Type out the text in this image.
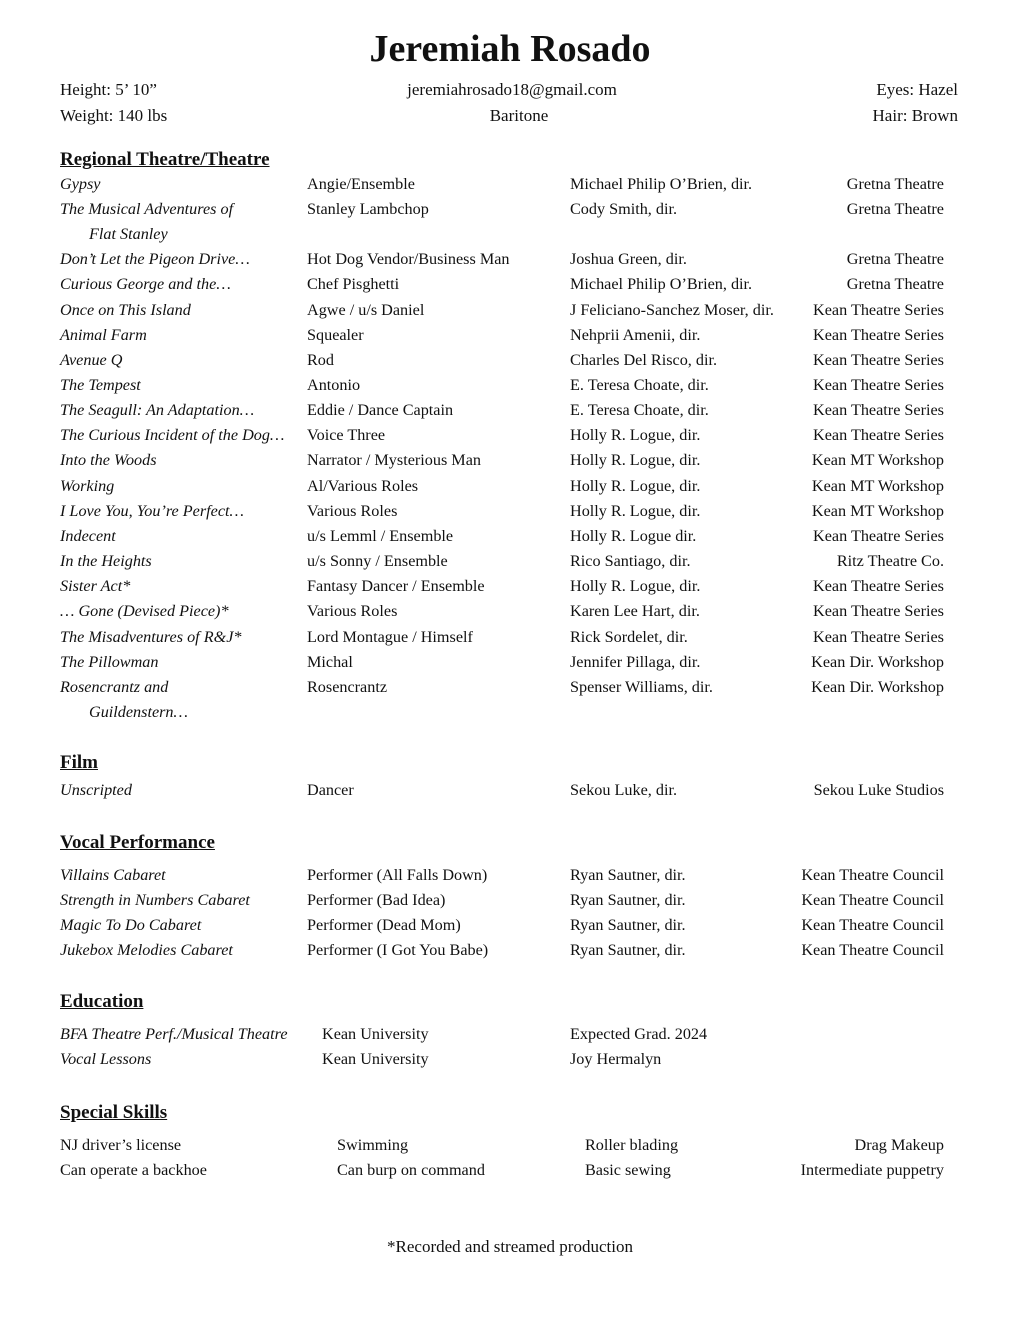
Jeremiah Rosado
Height: 5’ 10”
Weight: 140 lbs
jeremiahrosado18@gmail.com
Baritone
Eyes: Hazel
Hair: Brown
Regional Theatre/Theatre
Gypsy	Angie/Ensemble	Michael Philip O’Brien, dir.	Gretna Theatre
The Musical Adventures of	Stanley Lambchop	Cody Smith, dir.	Gretna Theatre
Flat Stanley
Don’t Let the Pigeon Drive…	Hot Dog Vendor/Business Man	Joshua Green, dir.	Gretna Theatre
Curious George and the…	Chef Pisghetti	Michael Philip O’Brien, dir.	Gretna Theatre
Once on This Island	Agwe / u/s Daniel	J Feliciano-Sanchez Moser, dir. Kean Theatre Series
Animal Farm	Squealer	Nehprii Amenii, dir.	Kean Theatre Series
Avenue Q	Rod	Charles Del Risco, dir.	Kean Theatre Series
The Tempest	Antonio	E. Teresa Choate, dir.	Kean Theatre Series
The Seagull: An Adaptation…	Eddie / Dance Captain	E. Teresa Choate, dir.	Kean Theatre Series
The Curious Incident of the Dog… Voice Three	Holly R. Logue, dir.	Kean Theatre Series
Into the Woods	Narrator / Mysterious Man	Holly R. Logue, dir.	Kean MT Workshop
Working	Al/Various Roles	Holly R. Logue, dir.	Kean MT Workshop
I Love You, You’re Perfect…	Various Roles	Holly R. Logue, dir.	Kean MT Workshop
Indecent	u/s Lemml / Ensemble	Holly R. Logue dir.	Kean Theatre Series
In the Heights	u/s Sonny / Ensemble	Rico Santiago, dir.	Ritz Theatre Co.
Sister Act*	Fantasy Dancer / Ensemble	Holly R. Logue, dir.	Kean Theatre Series
… Gone (Devised Piece)*	Various Roles	Karen Lee Hart, dir.	Kean Theatre Series
The Misadventures of R&J*	Lord Montague / Himself	Rick Sordelet, dir.	Kean Theatre Series
The Pillowman	Michal	Jennifer Pillaga, dir.	Kean Dir. Workshop
Rosencrantz and	Rosencrantz	Spenser Williams, dir.	Kean Dir. Workshop
Guildenstern…
Film
Unscripted	Dancer	Sekou Luke, dir.	Sekou Luke Studios
Vocal Performance
Villains Cabaret	Performer (All Falls Down)	Ryan Sautner, dir.	Kean Theatre Council
Strength in Numbers Cabaret	Performer (Bad Idea)	Ryan Sautner, dir.	Kean Theatre Council
Magic To Do Cabaret	Performer (Dead Mom)	Ryan Sautner, dir.	Kean Theatre Council
Jukebox Melodies Cabaret	Performer (I Got You Babe)	Ryan Sautner, dir.	Kean Theatre Council
Education
BFA Theatre Perf./Musical Theatre Kean University	Expected Grad. 2024
Vocal Lessons	Kean University	Joy Hermalyn
Special Skills
NJ driver’s license	Swimming	Roller blading	Drag Makeup
Can operate a backhoe	Can burp on command	Basic sewing	Intermediate puppetry
*Recorded and streamed production
